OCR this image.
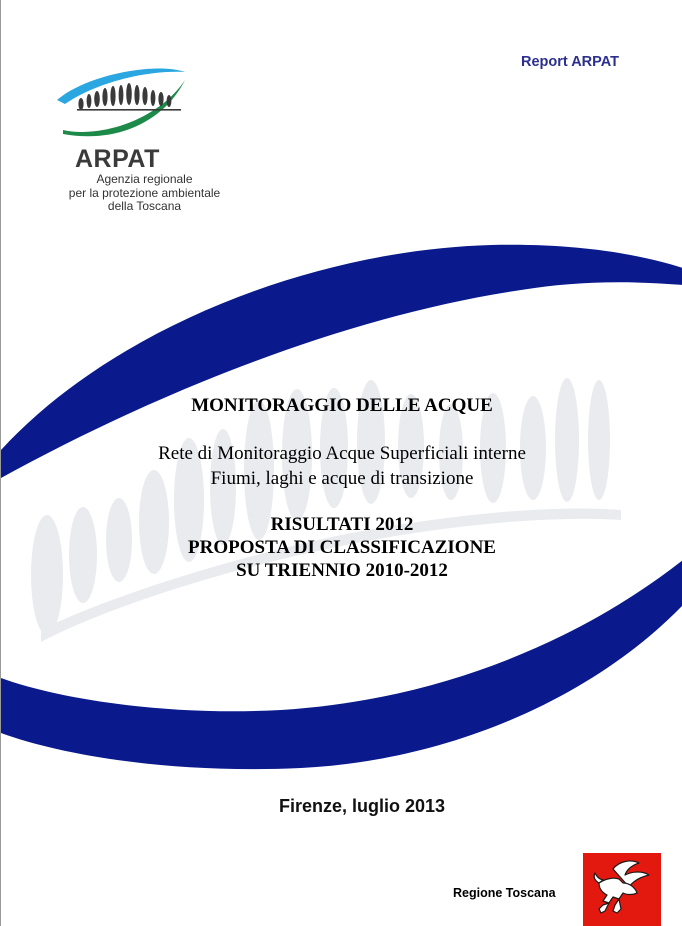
Report ARPAT
ARPAT
Agenzia regionale
per la protezione ambientale
della Toscana
MONITORAGGIO DELLE ACQUE
Rete di Monitoraggio Acque Superficiali interne
Fiumi, laghi e acque di transizione
RISULTATI 2012
PROPOSTA DI CLASSIFICAZIONE
SU TRIENNIO 2010-2012
Firenze, luglio 2013
Regione Toscana
